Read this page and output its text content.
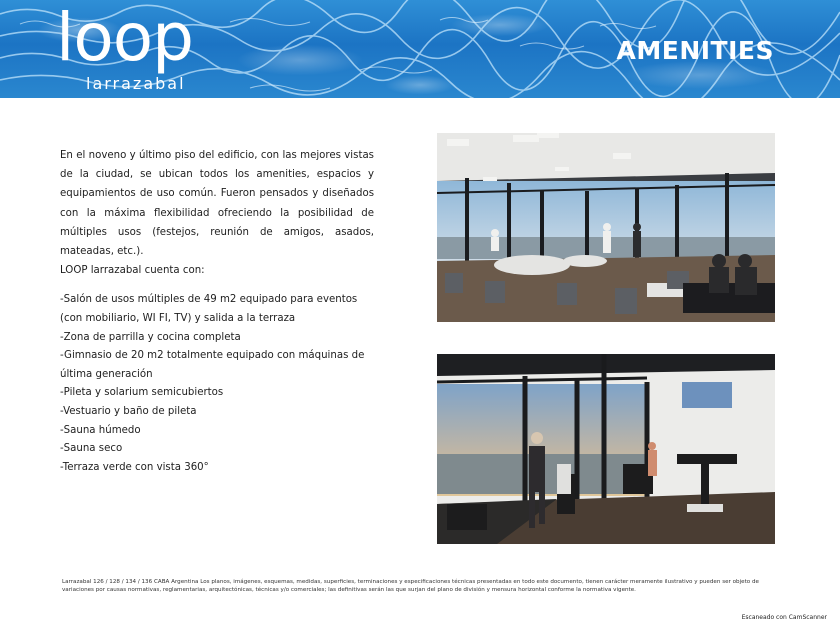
loop
larrazabal
AMENITIES

En el noveno y último piso del edificio, con las mejores vistas de la ciudad, se ubican todos los amenities, espacios y equipamientos de uso común. Fueron pensados y diseñados con la máxima flexibilidad ofreciendo la posibilidad de múltiples usos (festejos, reunión de amigos, asados, mateadas, etc.).

LOOP larrazabal cuenta con:

-Salón de usos múltiples de 49 m2 equipado para eventos (con mobiliario, WI FI, TV) y salida a la terraza
-Zona de parrilla y cocina completa
-Gimnasio de 20 m2 totalmente equipado con máquinas de última generación
-Pileta y solarium semicubiertos
-Vestuario y baño de pileta
-Sauna húmedo
-Sauna seco
-Terraza verde con vista 360°
Larrazabal 126 / 128 / 134 / 136 CABA Argentina Los planos, imágenes, esquemas, medidas, superficies, terminaciones y especificaciones técnicas presentadas en todo este documento, tienen carácter meramente ilustrativo y pueden ser objeto de variaciones por causas normativas, reglamentarias, arquitectónicas, técnicas y/o comerciales; las definitivas serán las que surjan del plano de división y mensura horizontal conforme la normativa vigente.
Escaneado con CamScanner
